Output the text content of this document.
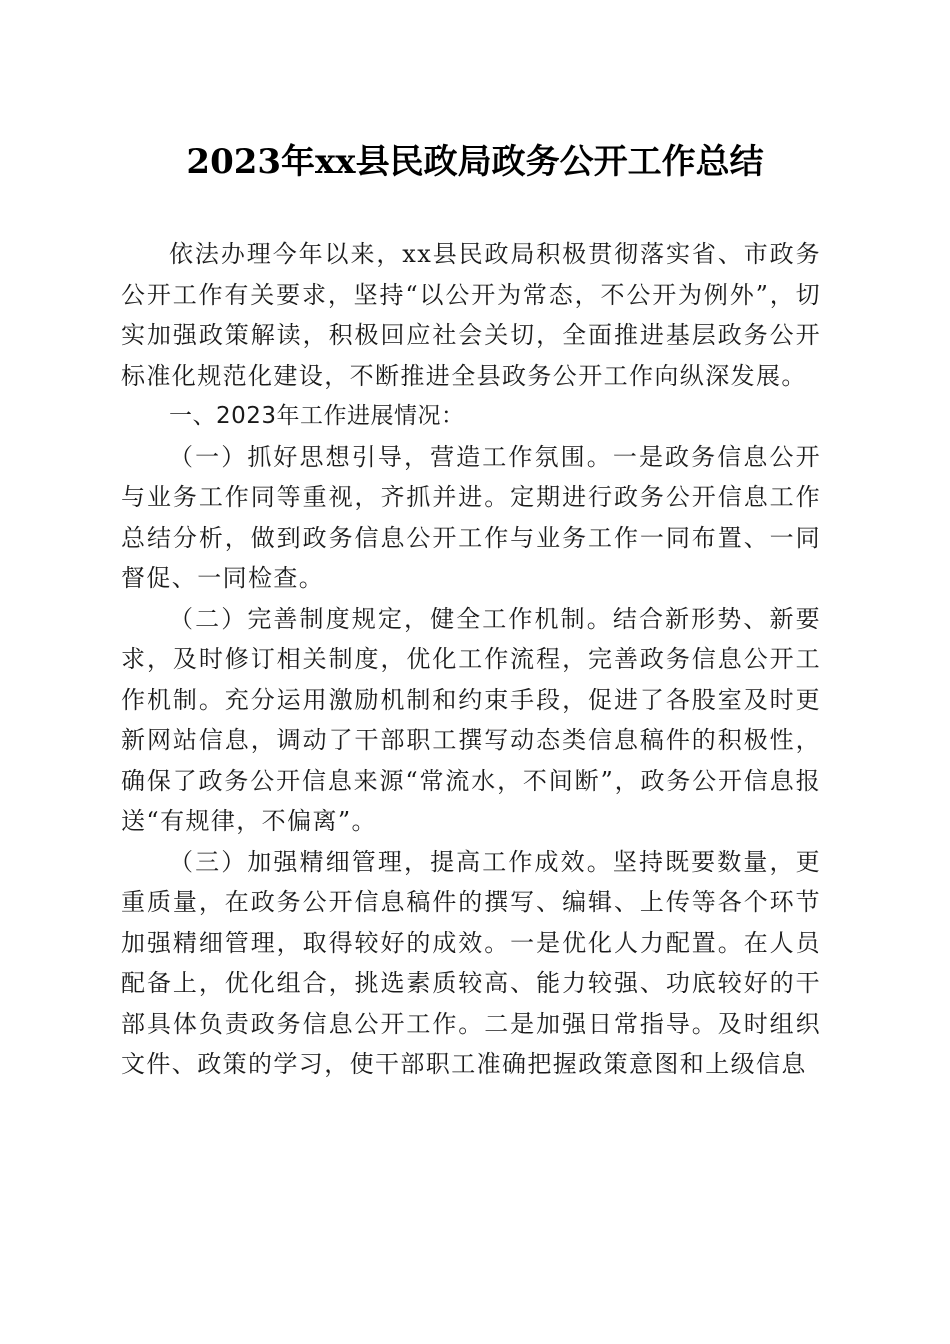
2023年xx县民政局政务公开工作总结

依法办理今年以来，xx县民政局积极贯彻落实省、市政务公开工作有关要求，坚持“以公开为常态，不公开为例外”，切实加强政策解读，积极回应社会关切，全面推进基层政务公开标准化规范化建设，不断推进全县政务公开工作向纵深发展。

一、2023年工作进展情况：

（一）抓好思想引导，营造工作氛围。一是政务信息公开与业务工作同等重视，齐抓并进。定期进行政务公开信息工作总结分析，做到政务信息公开工作与业务工作一同布置、一同督促、一同检查。

（二）完善制度规定，健全工作机制。结合新形势、新要求，及时修订相关制度，优化工作流程，完善政务信息公开工作机制。充分运用激励机制和约束手段，促进了各股室及时更新网站信息，调动了干部职工撰写动态类信息稿件的积极性，确保了政务公开信息来源“常流水，不间断”，政务公开信息报送“有规律，不偏离”。

（三）加强精细管理，提高工作成效。坚持既要数量，更重质量，在政务公开信息稿件的撰写、编辑、上传等各个环节加强精细管理，取得较好的成效。一是优化人力配置。在人员配备上，优化组合，挑选素质较高、能力较强、功底较好的干部具体负责政务信息公开工作。二是加强日常指导。及时组织文件、政策的学习，使干部职工准确把握政策意图和上级信息
